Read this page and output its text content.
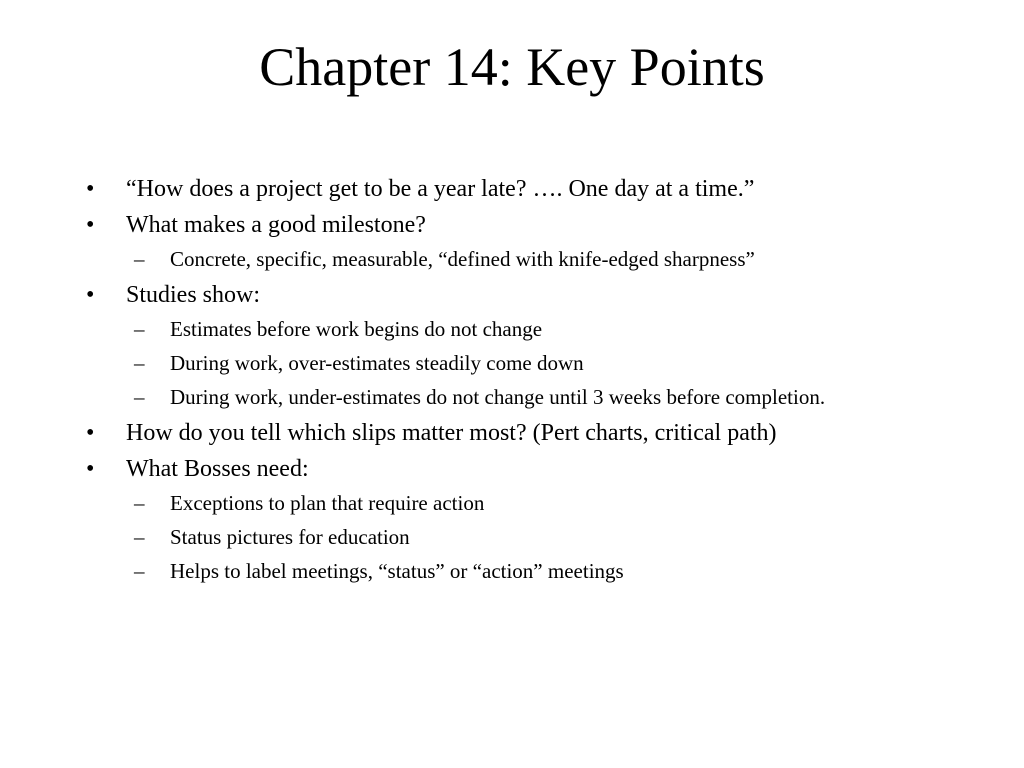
Chapter 14: Key Points
•	“How does a project get to be a year late? …. One day at a time.”
•	What makes a good milestone?
–	Concrete, specific, measurable, “defined with knife-edged sharpness”
•	Studies show:
–	Estimates before work begins do not change
–	During work, over-estimates steadily come down
–	During work, under-estimates do not change until 3 weeks before completion.
•	How do you tell which slips matter most? (Pert charts, critical path)
•	What Bosses need:
–	Exceptions to plan that require action
–	Status pictures for education
–	Helps to label meetings, “status” or “action” meetings
